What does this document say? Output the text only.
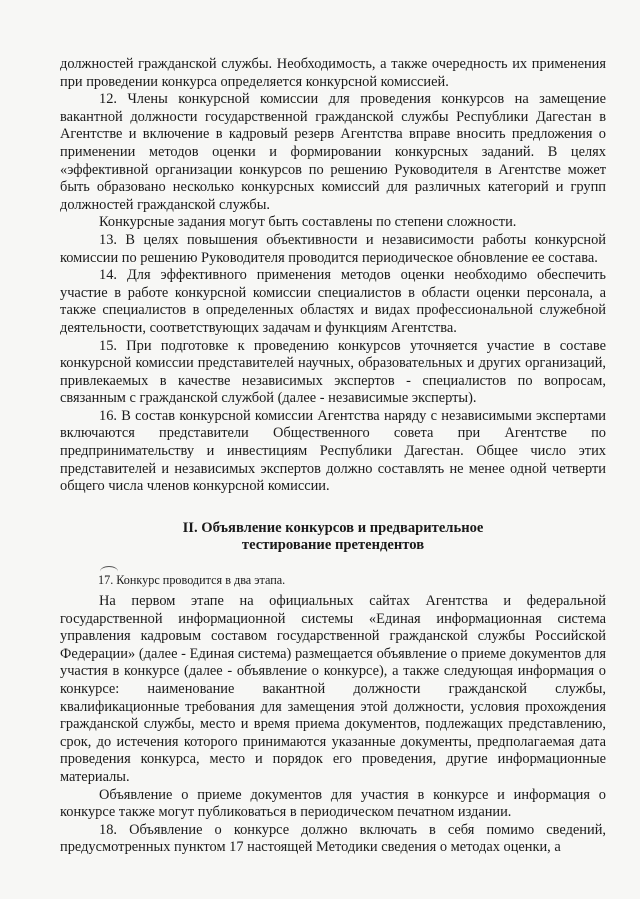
должностей гражданской службы. Необходимость, а также очередность их применения при проведении конкурса определяется конкурсной комиссией.

12. Члены конкурсной комиссии для проведения конкурсов на замещение вакантной должности государственной гражданской службы Республики Дагестан в Агентстве и включение в кадровый резерв Агентства вправе вносить предложения о применении методов оценки и формировании конкурсных заданий. В целях «эффективной организации конкурсов по решению Руководителя в Агентстве может быть образовано несколько конкурсных комиссий для различных категорий и групп должностей гражданской службы.

Конкурсные задания могут быть составлены по степени сложности.

13. В целях повышения объективности и независимости работы конкурсной комиссии по решению Руководителя проводится периодическое обновление ее состава.

14. Для эффективного применения методов оценки необходимо обеспечить участие в работе конкурсной комиссии специалистов в области оценки персонала, а также специалистов в определенных областях и видах профессиональной служебной деятельности, соответствующих задачам и функциям Агентства.

15. При подготовке к проведению конкурсов уточняется участие в составе конкурсной комиссии представителей научных, образовательных и других организаций, привлекаемых в качестве независимых экспертов - специалистов по вопросам, связанным с гражданской службой (далее - независимые эксперты).

16. В состав конкурсной комиссии Агентства наряду с независимыми экспертами включаются представители Общественного совета при Агентстве по предпринимательству и инвестициям Республики Дагестан. Общее число этих представителей и независимых экспертов должно составлять не менее одной четверти общего числа членов конкурсной комиссии.

II. Объявление конкурсов и предварительное
тестирование претендентов
17. Конкурс проводится в два этапа.

На первом этапе на официальных сайтах Агентства и федеральной государственной информационной системы «Единая информационная система управления кадровым составом государственной гражданской службы Российской Федерации» (далее - Единая система) размещается объявление о приеме документов для участия в конкурсе (далее - объявление о конкурсе), а также следующая информация о конкурсе: наименование вакантной должности гражданской службы, квалификационные требования для замещения этой должности, условия прохождения гражданской службы, место и время приема документов, подлежащих представлению, срок, до истечения которого принимаются указанные документы, предполагаемая дата проведения конкурса, место и порядок его проведения, другие информационные материалы.

Объявление о приеме документов для участия в конкурсе и информация о конкурсе также могут публиковаться в периодическом печатном издании.

18. Объявление о конкурсе должно включать в себя помимо сведений, предусмотренных пунктом 17 настоящей Методики сведения о методах оценки, а
